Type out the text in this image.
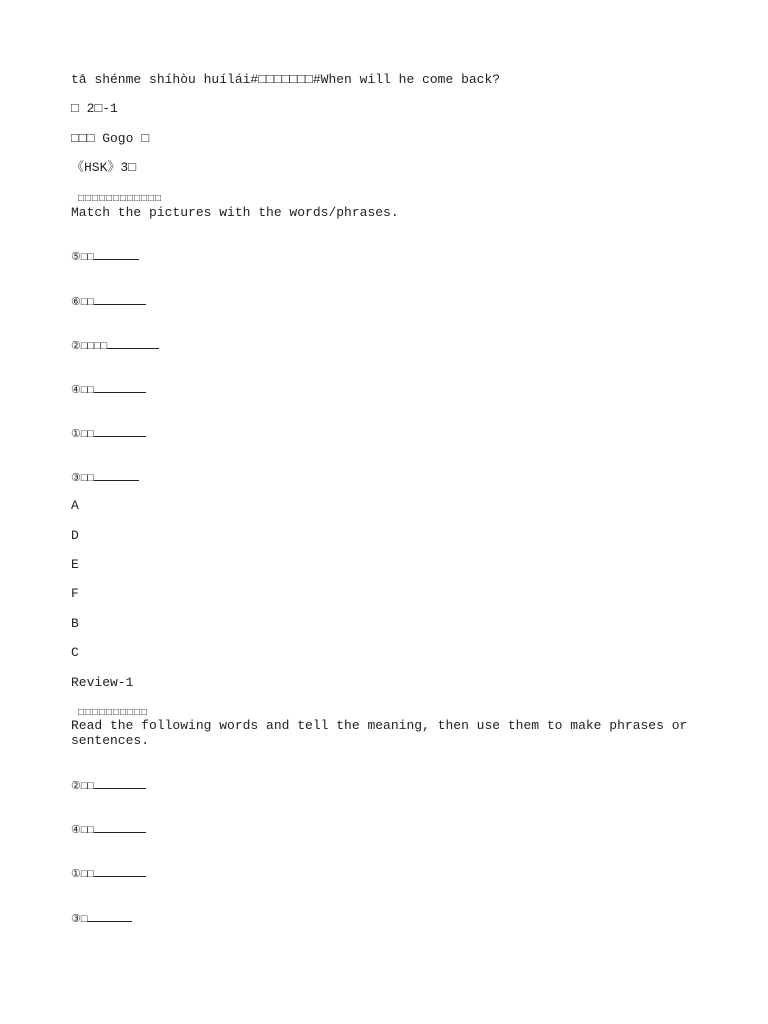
tā shénme shíhòu huílái#□□□□□□□#When will he come back?
□ 2□-1
□□□ Gogo □
《HSK》3□
□□□□□□□□□□□□
Match the pictures with the words/phrases.
⑤□□
⑥□□
②□□□□
④□□
①□□
③□□
A
D
E
F
B
C
Review-1
□□□□□□□□□□
Read the following words and tell the meaning, then use them to make phrases or sentences.
②□□
④□□
①□□
③□
